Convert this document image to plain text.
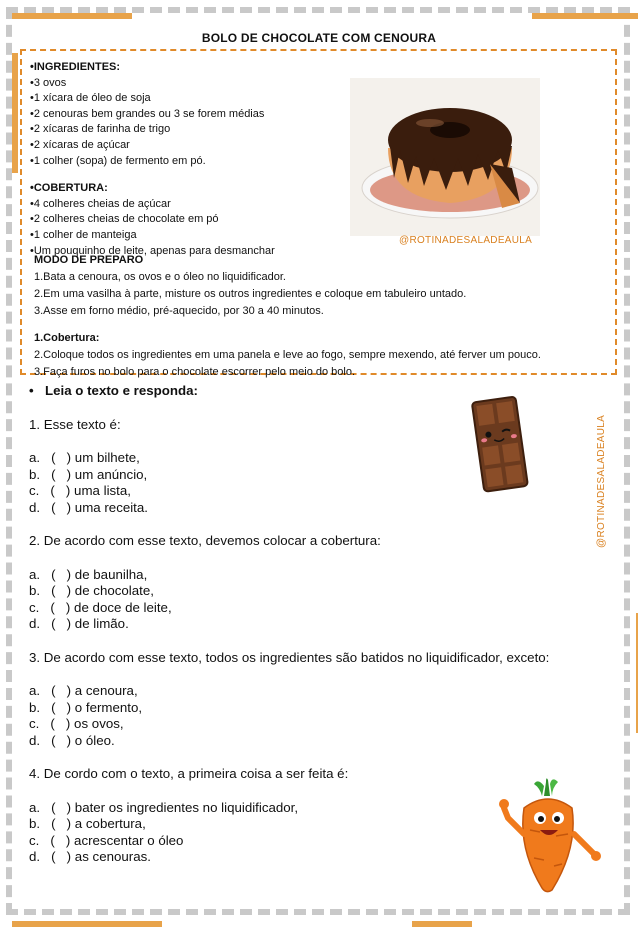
BOLO DE CHOCOLATE COM CENOURA
•INGREDIENTES:
•3 ovos
•1 xícara de óleo de soja
•2 cenouras bem grandes ou 3 se forem médias
•2 xícaras de farinha de trigo
•2 xícaras de açúcar
•1 colher (sopa) de fermento em pó.
•COBERTURA:
•4 colheres cheias de açúcar
•2 colheres cheias de chocolate em pó
•1 colher de manteiga
•Um pouquinho de leite, apenas para desmanchar
@ROTINADESALADEAULA
MODO DE PREPARO
1.Bata a cenoura, os ovos e o óleo no liquidificador.
2.Em uma vasilha à parte, misture os outros ingredientes e coloque em tabuleiro untado.
3.Asse em forno médio, pré-aquecido, por 30 a 40 minutos.
1.Cobertura:
2.Coloque todos os ingredientes em uma panela e leve ao fogo, sempre mexendo, até ferver um pouco.
3.Faça furos no bolo para o chocolate escorrer pelo meio do bolo.
@ROTINADESALADEAULA
• Leia o texto e responda:
1. Esse texto é:
a.   (   ) um bilhete,
b.   (   ) um anúncio,
c.   (   ) uma lista,
d.   (   ) uma receita.
2. De acordo com esse texto, devemos colocar a cobertura:
a.   (   ) de baunilha,
b.   (   ) de chocolate,
c.   (   ) de doce de leite,
d.   (   ) de limão.
3. De acordo com esse texto, todos os ingredientes são batidos no liquidificador, exceto:
a.   (   ) a cenoura,
b.   (   ) o fermento,
c.   (   ) os ovos,
d.   (   ) o óleo.
4. De cordo com o texto, a primeira coisa a ser feita é:
a.   (   ) bater os ingredientes no liquidificador,
b.   (   ) a cobertura,
c.   (   ) acrescentar o óleo
d.   (   ) as cenouras.
